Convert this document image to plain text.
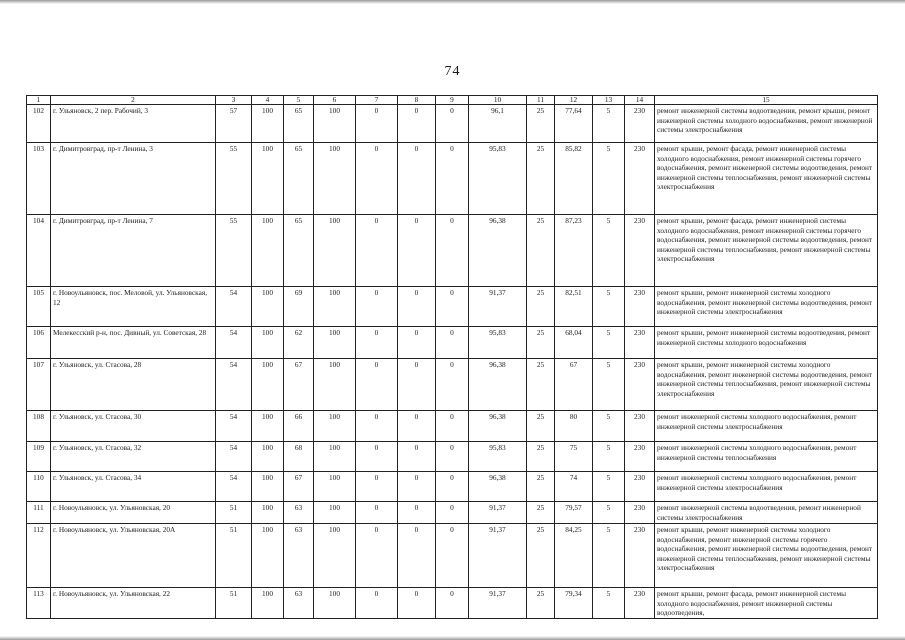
74
1	2	3	4	5	6	7	8	9	10	11	12	13	14	15
102	г. Ульяновск, 2 пер. Рабочий, 3	57	100	65	100	0	0	0	96,1	25	77,64	5	230	ремонт инженерной системы водоотведения, ремонт крыши, ремонт инженерной системы холодного водоснабжения, ремонт инженерной системы электроснабжения
103	г. Димитровград, пр-т Ленина, 3	55	100	65	100	0	0	0	95,83	25	85,82	5	230	ремонт крыши, ремонт фасада, ремонт инженерной системы холодного водоснабжения, ремонт инженерной системы горячего водоснабжения, ремонт инженерной системы водоотведения, ремонт инженерной системы теплоснабжения, ремонт инженерной системы электроснабжения
104	г. Димитровград, пр-т Ленина, 7	55	100	65	100	0	0	0	96,38	25	87,23	5	230	ремонт крыши, ремонт фасада, ремонт инженерной системы холодного водоснабжения, ремонт инженерной системы горячего водоснабжения, ремонт инженерной системы водоотведения, ремонт инженерной системы теплоснабжения, ремонт инженерной системы электроснабжения
105	г. Новоульяновск, пос. Меловой, ул. Ульяновская, 12	54	100	69	100	0	0	0	91,37	25	82,51	5	230	ремонт крыши, ремонт инженерной системы холодного водоснабжения, ремонт инженерной системы водоотведения, ремонт инженерной системы электроснабжения
106	Мелекесский р-н, пос. Дивный, ул. Советская, 28	54	100	62	100	0	0	0	95,83	25	68,04	5	230	ремонт крыши, ремонт инженерной системы водоотведения, ремонт инженерной системы холодного водоснабжения
107	г. Ульяновск, ул. Стасова, 28	54	100	67	100	0	0	0	96,38	25	67	5	230	ремонт крыши, ремонт инженерной системы холодного водоснабжения, ремонт инженерной системы водоотведения, ремонт инженерной системы теплоснабжения, ремонт инженерной системы электроснабжения
108	г. Ульяновск, ул. Стасова, 30	54	100	66	100	0	0	0	96,38	25	80	5	230	ремонт инженерной системы холодного водоснабжения, ремонт инженерной системы электроснабжения
109	г. Ульяновск, ул. Стасова, 32	54	100	68	100	0	0	0	95,83	25	75	5	230	ремонт инженерной системы холодного водоснабжения, ремонт инженерной системы теплоснабжения
110	г. Ульяновск, ул. Стасова, 34	54	100	67	100	0	0	0	96,38	25	74	5	230	ремонт инженерной системы холодного водоснабжения, ремонт инженерной системы электроснабжения
111	г. Новоульяновск, ул. Ульяновская, 20	51	100	63	100	0	0	0	91,37	25	79,57	5	230	ремонт инженерной системы водоотведения, ремонт инженерной системы электроснабжения
112	г. Новоульяновск, ул. Ульяновская, 20А	51	100	63	100	0	0	0	91,37	25	84,25	5	230	ремонт крыши, ремонт инженерной системы холодного водоснабжения, ремонт инженерной системы горячего водоснабжения, ремонт инженерной системы водоотведения, ремонт инженерной системы теплоснабжения, ремонт инженерной системы электроснабжения
113	г. Новоульяновск, ул. Ульяновская, 22	51	100	63	100	0	0	0	91,37	25	79,34	5	230	ремонт крыши, ремонт фасада, ремонт инженерной системы холодного водоснабжения, ремонт инженерной системы водоотведения,
